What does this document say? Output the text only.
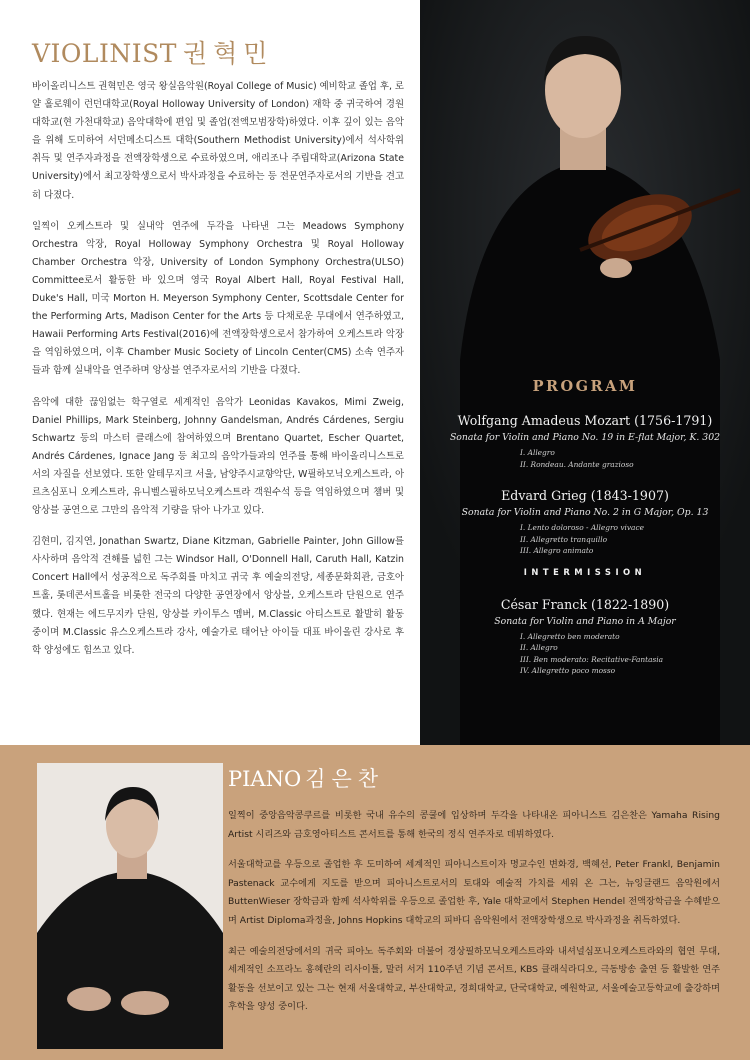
VIOLINIST 권혁민

바이올리니스트 권혁민은 영국 왕실음악원(Royal College of Music) 예비학교 졸업 후, 로얄 홀로웨이 런던대학교(Royal Holloway University of London) 재학 중 귀국하여 경원대학교(현 가천대학교) 음악대학에 편입 및 졸업(전액모범장학)하였다. 이후 깊이 있는 음악을 위해 도미하여 서던메소디스트 대학(Southern Methodist University)에서 석사학위 취득 및 연주자과정을 전액장학생으로 수료하였으며, 애리조나 주립대학교(Arizona State University)에서 최고장학생으로서 박사과정을 수료하는 등 전문연주자로서의 기반을 견고히 다졌다.

일찍이 오케스트라 및 실내악 연주에 두각을 나타낸 그는 Meadows Symphony Orchestra 악장, Royal Holloway Symphony Orchestra 및 Royal Holloway Chamber Orchestra 악장, University of London Symphony Orchestra(ULSO) Committee로서 활동한 바 있으며 영국 Royal Albert Hall, Royal Festival Hall, Duke's Hall, 미국 Morton H. Meyerson Symphony Center, Scottsdale Center for the Performing Arts, Madison Center for the Arts 등 다채로운 무대에서 연주하였고, Hawaii Performing Arts Festival(2016)에 전액장학생으로서 참가하여 오케스트라 악장을 역임하였으며, 이후 Chamber Music Society of Lincoln Center(CMS) 소속 연주자들과 함께 실내악을 연주하며 앙상블 연주자로서의 기반을 다졌다.

음악에 대한 끊임없는 학구열로 세계적인 음악가 Leonidas Kavakos, Mimi Zweig, Daniel Phillips, Mark Steinberg, Johnny Gandelsman, Andrés Cárdenes, Sergiu Schwartz 등의 마스터 클래스에 참여하였으며 Brentano Quartet, Escher Quartet, Andrés Cárdenes, Ignace Jang 등 최고의 음악가들과의 연주를 통해 바이올리니스트로서의 자질을 선보였다. 또한 알테무지크 서울, 남양주시교향악단, W필하모닉오케스트라, 아르츠심포니 오케스트라, 유니벨스필하모닉오케스트라 객원수석 등을 역임하였으며 챔버 및 앙상블 공연으로 그만의 음악적 기량을 닦아 나가고 있다.

김현미, 김지연, Jonathan Swartz, Diane Kitzman, Gabrielle Painter, John Gillow를 사사하며 음악적 견해를 넓힌 그는 Windsor Hall, O'Donnell Hall, Caruth Hall, Katzin Concert Hall에서 성공적으로 독주회를 마치고 귀국 후 예술의전당, 세종문화회관, 금호아트홀, 롯데콘서트홀을 비롯한 전국의 다양한 공연장에서 앙상블, 오케스트라 단원으로 연주했다. 현재는 에드무지카 단원, 앙상블 카이투스 멤버, M.Classic 아티스트로 활발히 활동 중이며 M.Classic 유스오케스트라 강사, 예술가로 태어난 아이들 대표 바이올린 강사로 후학 양성에도 힘쓰고 있다.

PROGRAM
Wolfgang Amadeus Mozart (1756-1791)
Sonata for Violin and Piano No. 19 in E-flat Major, K. 302
I. Allegro
II. Rondeau. Andante grazioso
Edvard Grieg (1843-1907)
Sonata for Violin and Piano No. 2 in G Major, Op. 13
I. Lento doloroso - Allegro vivace
II. Allegretto tranquillo
III. Allegro animato
INTERMISSION
César Franck (1822-1890)
Sonata for Violin and Piano in A Major
I. Allegretto ben moderato
II. Allegro
III. Ben moderato: Recitative-Fantasia
IV. Allegretto poco mosso
PIANO 김은찬

일찍이 중앙음악콩쿠르를 비롯한 국내 유수의 콩쿨에 입상하며 두각을 나타내온 피아니스트 김은찬은 Yamaha Rising Artist 시리즈와 금호영아티스트 콘서트를 통해 한국의 정식 연주자로 데뷔하였다.

서울대학교를 우등으로 졸업한 후 도미하여 세계적인 피아니스트이자 명교수인 변화경, 백혜선, Peter Frankl, Benjamin Pastenack 교수에게 지도를 받으며 피아니스트로서의 토대와 예술적 가치를 세워 온 그는, 뉴잉글랜드 음악원에서 ButtenWieser 장학금과 함께 석사학위를 우등으로 졸업한 후, Yale 대학교에서 Stephen Hendel 전액장학금을 수혜받으며 Artist Diploma과정을, Johns Hopkins 대학교의 피바디 음악원에서 전액장학생으로 박사과정을 취득하였다.

최근 예술의전당에서의 귀국 피아노 독주회와 더불어 경상필하모닉오케스트라와 내셔널심포니오케스트라와의 협연 무대, 세계적인 소프라노 홍혜란의 리사이틀, 말러 서거 110주년 기념 콘서트, KBS 클래식라디오, 극동방송 출연 등 활발한 연주 활동을 선보이고 있는 그는 현재 서울대학교, 부산대학교, 경희대학교, 단국대학교, 예원학교, 서울예술고등학교에 출강하며 후학을 양성 중이다.
